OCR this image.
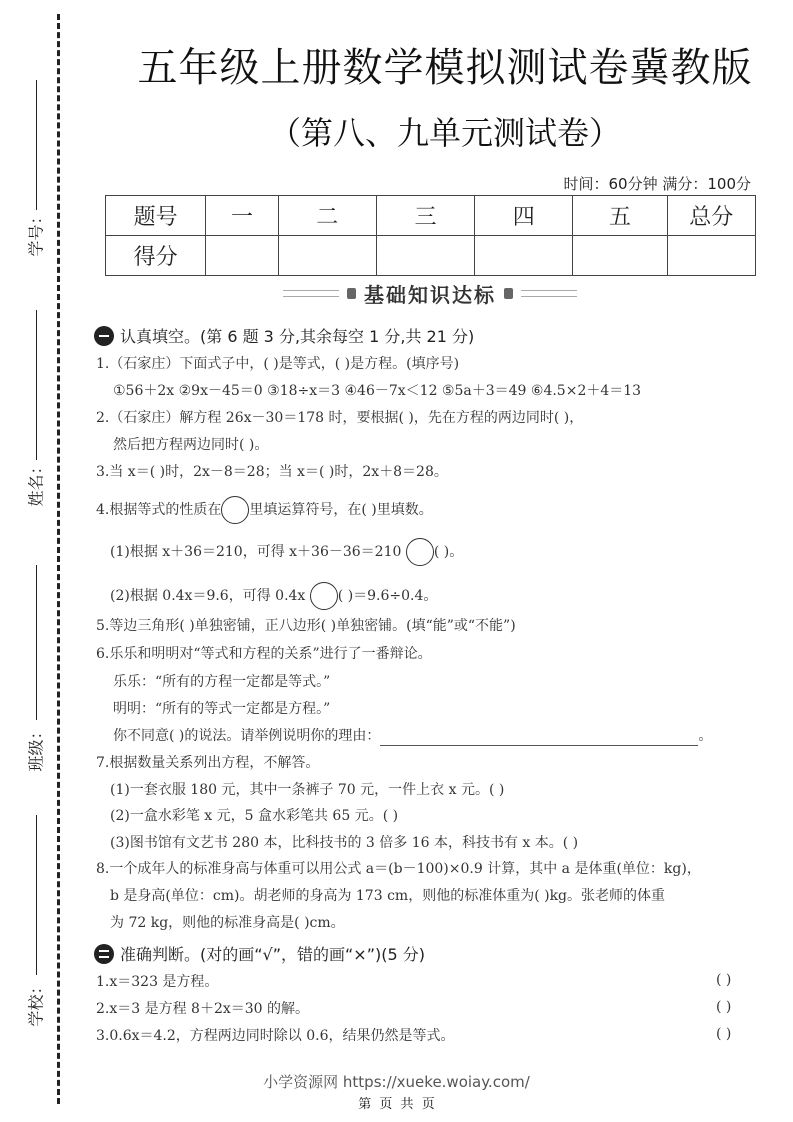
学号：
姓名：
班级：
学校：
五年级上册数学模拟测试卷冀教版
（第八、九单元测试卷）
时间：60分钟 满分：100分
题号	一	二	三	四	五	总分
得分						
基础知识达标
认真填空。(第 6 题 3 分,其余每空 1 分,共 21 分)
1.（石家庄）下面式子中，( )是等式，( )是方程。(填序号)
①56＋2x ②9x－45＝0 ③18÷x＝3 ④46－7x＜12 ⑤5a＋3＝49 ⑥4.5×2＋4＝13
2.（石家庄）解方程 26x－30＝178 时，要根据( )，先在方程的两边同时( )，
然后把方程两边同时( )。
3.当 x＝( )时，2x－8＝28；当 x＝( )时，2x＋8＝28。
4.根据等式的性质在 里填运算符号，在( )里填数。
(1)根据 x＋36＝210，可得 x＋36－36＝210 ( )。
(2)根据 0.4x＝9.6，可得 0.4x ( )＝9.6÷0.4。
5.等边三角形( )单独密铺，正八边形( )单独密铺。(填“能”或“不能”)
6.乐乐和明明对“等式和方程的关系”进行了一番辩论。
乐乐：“所有的方程一定都是等式。”
明明：“所有的等式一定都是方程。”
你不同意( )的说法。请举例说明你的理由：	。
7.根据数量关系列出方程，不解答。
(1)一套衣服 180 元，其中一条裤子 70 元，一件上衣 x 元。( )
(2)一盒水彩笔 x 元，5 盒水彩笔共 65 元。( )
(3)图书馆有文艺书 280 本，比科技书的 3 倍多 16 本，科技书有 x 本。( )
8.一个成年人的标准身高与体重可以用公式 a＝(b－100)×0.9 计算，其中 a 是体重(单位：kg)，
b 是身高(单位：cm)。胡老师的身高为 173 cm，则他的标准体重为( )kg。张老师的体重
为 72 kg，则他的标准身高是( )cm。
准确判断。(对的画“√”，错的画“×”)(5 分)
1.x＝323 是方程。	( )
2.x＝3 是方程 8＋2x＝30 的解。	( )
3.0.6x＝4.2，方程两边同时除以 0.6，结果仍然是等式。	( )
小学资源网 https://xueke.woiay.com/
第 页 共 页
